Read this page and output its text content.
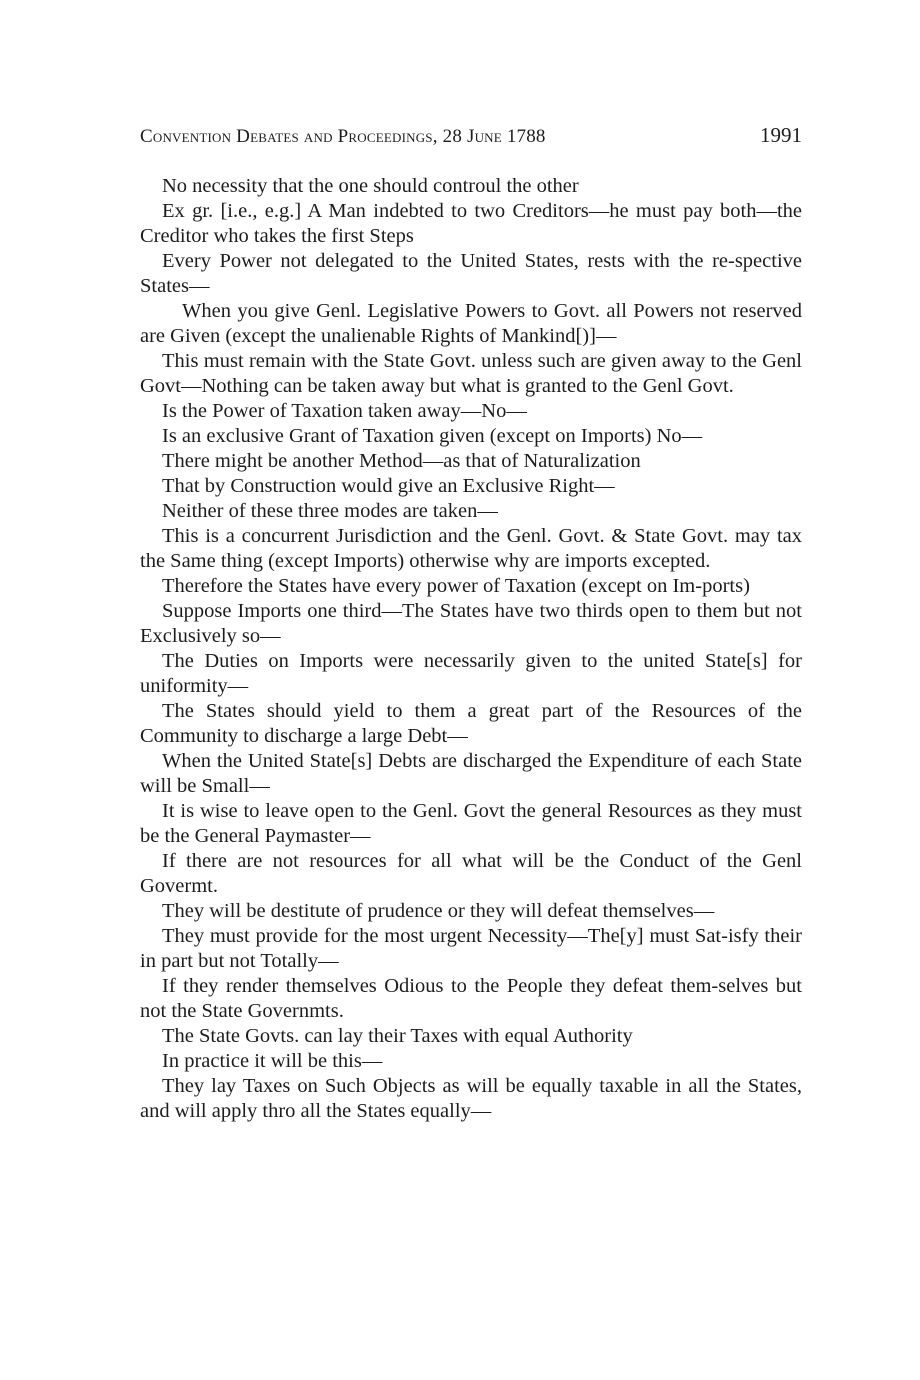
Convention Debates and Proceedings, 28 June 1788	1991

No necessity that the one should controul the other

Ex gr. [i.e., e.g.] A Man indebted to two Creditors—he must pay both—the Creditor who takes the first Steps

Every Power not delegated to the United States, rests with the re-spective States—

When you give Genl. Legislative Powers to Govt. all Powers not reserved are Given (except the unalienable Rights of Mankind[)]—

This must remain with the State Govt. unless such are given away to the Genl Govt—Nothing can be taken away but what is granted to the Genl Govt.

Is the Power of Taxation taken away—No—

Is an exclusive Grant of Taxation given (except on Imports) No—

There might be another Method—as that of Naturalization

That by Construction would give an Exclusive Right—

Neither of these three modes are taken—

This is a concurrent Jurisdiction and the Genl. Govt. & State Govt. may tax the Same thing (except Imports) otherwise why are imports excepted.

Therefore the States have every power of Taxation (except on Im-ports)

Suppose Imports one third—The States have two thirds open to them but not Exclusively so—

The Duties on Imports were necessarily given to the united State[s] for uniformity—

The States should yield to them a great part of the Resources of the Community to discharge a large Debt—

When the United State[s] Debts are discharged the Expenditure of each State will be Small—

It is wise to leave open to the Genl. Govt the general Resources as they must be the General Paymaster—

If there are not resources for all what will be the Conduct of the Genl Govermt.

They will be destitute of prudence or they will defeat themselves—

They must provide for the most urgent Necessity—The[y] must Sat-isfy their in part but not Totally—

If they render themselves Odious to the People they defeat them-selves but not the State Governmts.

The State Govts. can lay their Taxes with equal Authority

In practice it will be this—

They lay Taxes on Such Objects as will be equally taxable in all the States, and will apply thro all the States equally—
